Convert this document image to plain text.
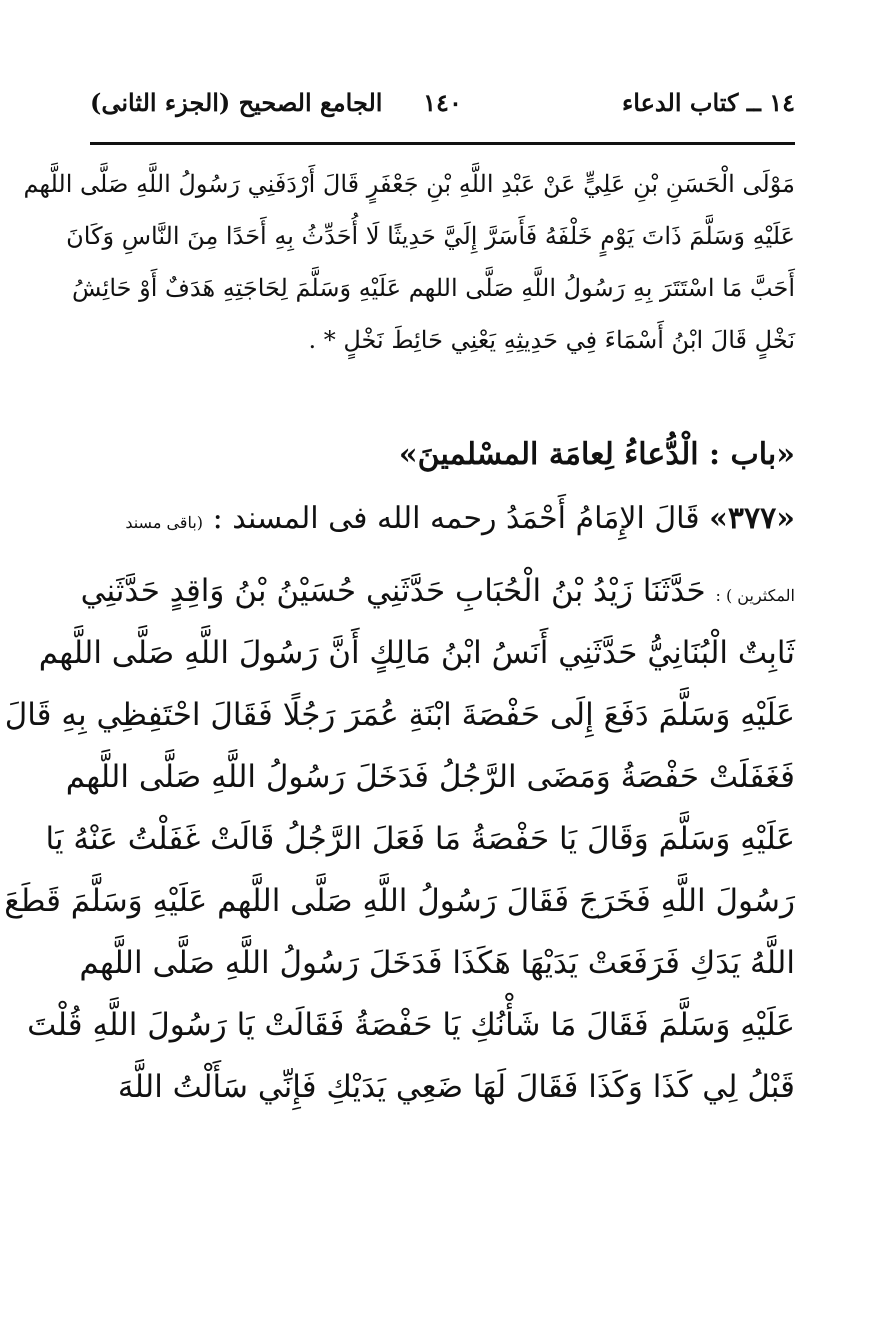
١٤ ــ كتاب الدعاء
١٤٠
الجامع الصحيح (الجزء الثانى)
مَوْلَى الْحَسَنِ بْنِ عَلِيٍّ عَنْ عَبْدِ اللَّهِ بْنِ جَعْفَرٍ قَالَ أَرْدَفَنِي رَسُولُ اللَّهِ صَلَّى اللَّهم
عَلَيْهِ وَسَلَّمَ ذَاتَ يَوْمٍ خَلْفَهُ فَأَسَرَّ إِلَيَّ حَدِيثًا لَا أُحَدِّثُ بِهِ أَحَدًا مِنَ النَّاسِ وَكَانَ
أَحَبَّ مَا اسْتَتَرَ بِهِ رَسُولُ اللَّهِ صَلَّى اللهم عَلَيْهِ وَسَلَّمَ لِحَاجَتِهِ هَدَفٌ أَوْ حَائِشُ
نَخْلٍ قَالَ ابْنُ أَسْمَاءَ فِي حَدِيثِهِ يَعْنِي حَائِطَ نَخْلٍ * .
«باب : الْدُّعاءُ لِعامَة المسْلمينَ»
«٣٧٧» قَالَ الإِمَامُ أَحْمَدُ رحمه الله فى المسند : (باقى مسند
المكثرين ) : حَدَّثَنَا زَيْدُ بْنُ الْحُبَابِ حَدَّثَنِي حُسَيْنُ بْنُ وَاقِدٍ حَدَّثَنِي
ثَابِتٌ الْبُنَانِيُّ حَدَّثَنِي أَنَسُ ابْنُ مَالِكٍ أَنَّ رَسُولَ اللَّهِ صَلَّى اللَّهم
عَلَيْهِ وَسَلَّمَ دَفَعَ إِلَى حَفْصَةَ ابْنَةِ عُمَرَ رَجُلًا فَقَالَ احْتَفِظِي بِهِ قَالَ
فَغَفَلَتْ حَفْصَةُ وَمَضَى الرَّجُلُ فَدَخَلَ رَسُولُ اللَّهِ صَلَّى اللَّهم
عَلَيْهِ وَسَلَّمَ وَقَالَ يَا حَفْصَةُ مَا فَعَلَ الرَّجُلُ قَالَتْ غَفَلْتُ عَنْهُ يَا
رَسُولَ اللَّهِ فَخَرَجَ فَقَالَ رَسُولُ اللَّهِ صَلَّى اللَّهم عَلَيْهِ وَسَلَّمَ قَطَعَ
اللَّهُ يَدَكِ فَرَفَعَتْ يَدَيْهَا هَكَذَا فَدَخَلَ رَسُولُ اللَّهِ صَلَّى اللَّهم
عَلَيْهِ وَسَلَّمَ فَقَالَ مَا شَأْنُكِ يَا حَفْصَةُ فَقَالَتْ يَا رَسُولَ اللَّهِ قُلْتَ
قَبْلُ لِي كَذَا وَكَذَا فَقَالَ لَهَا ضَعِي يَدَيْكِ فَإِنِّي سَأَلْتُ اللَّهَ
